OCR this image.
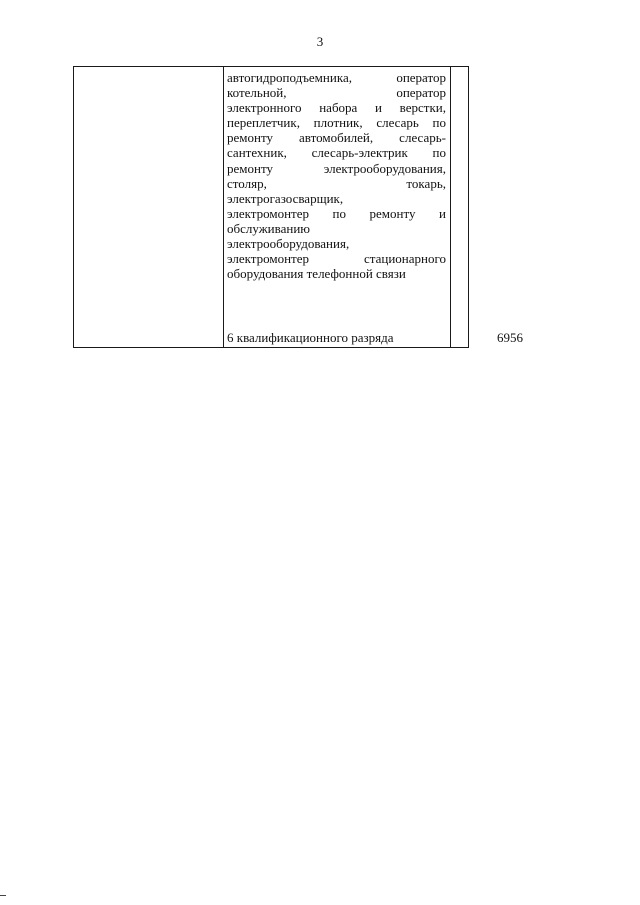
3
автогидроподъемника, оператор
котельной, оператор
электронного набора и верстки,
переплетчик, плотник, слесарь по
ремонту автомобилей, слесарь-
сантехник, слесарь-электрик по
ремонту электрооборудования,
столяр, токарь,
электрогазосварщик,
электромонтер по ремонту и
обслуживанию
электрооборудования,
электромонтер стационарного
оборудования телефонной связи
6 квалификационного разряда	6956
